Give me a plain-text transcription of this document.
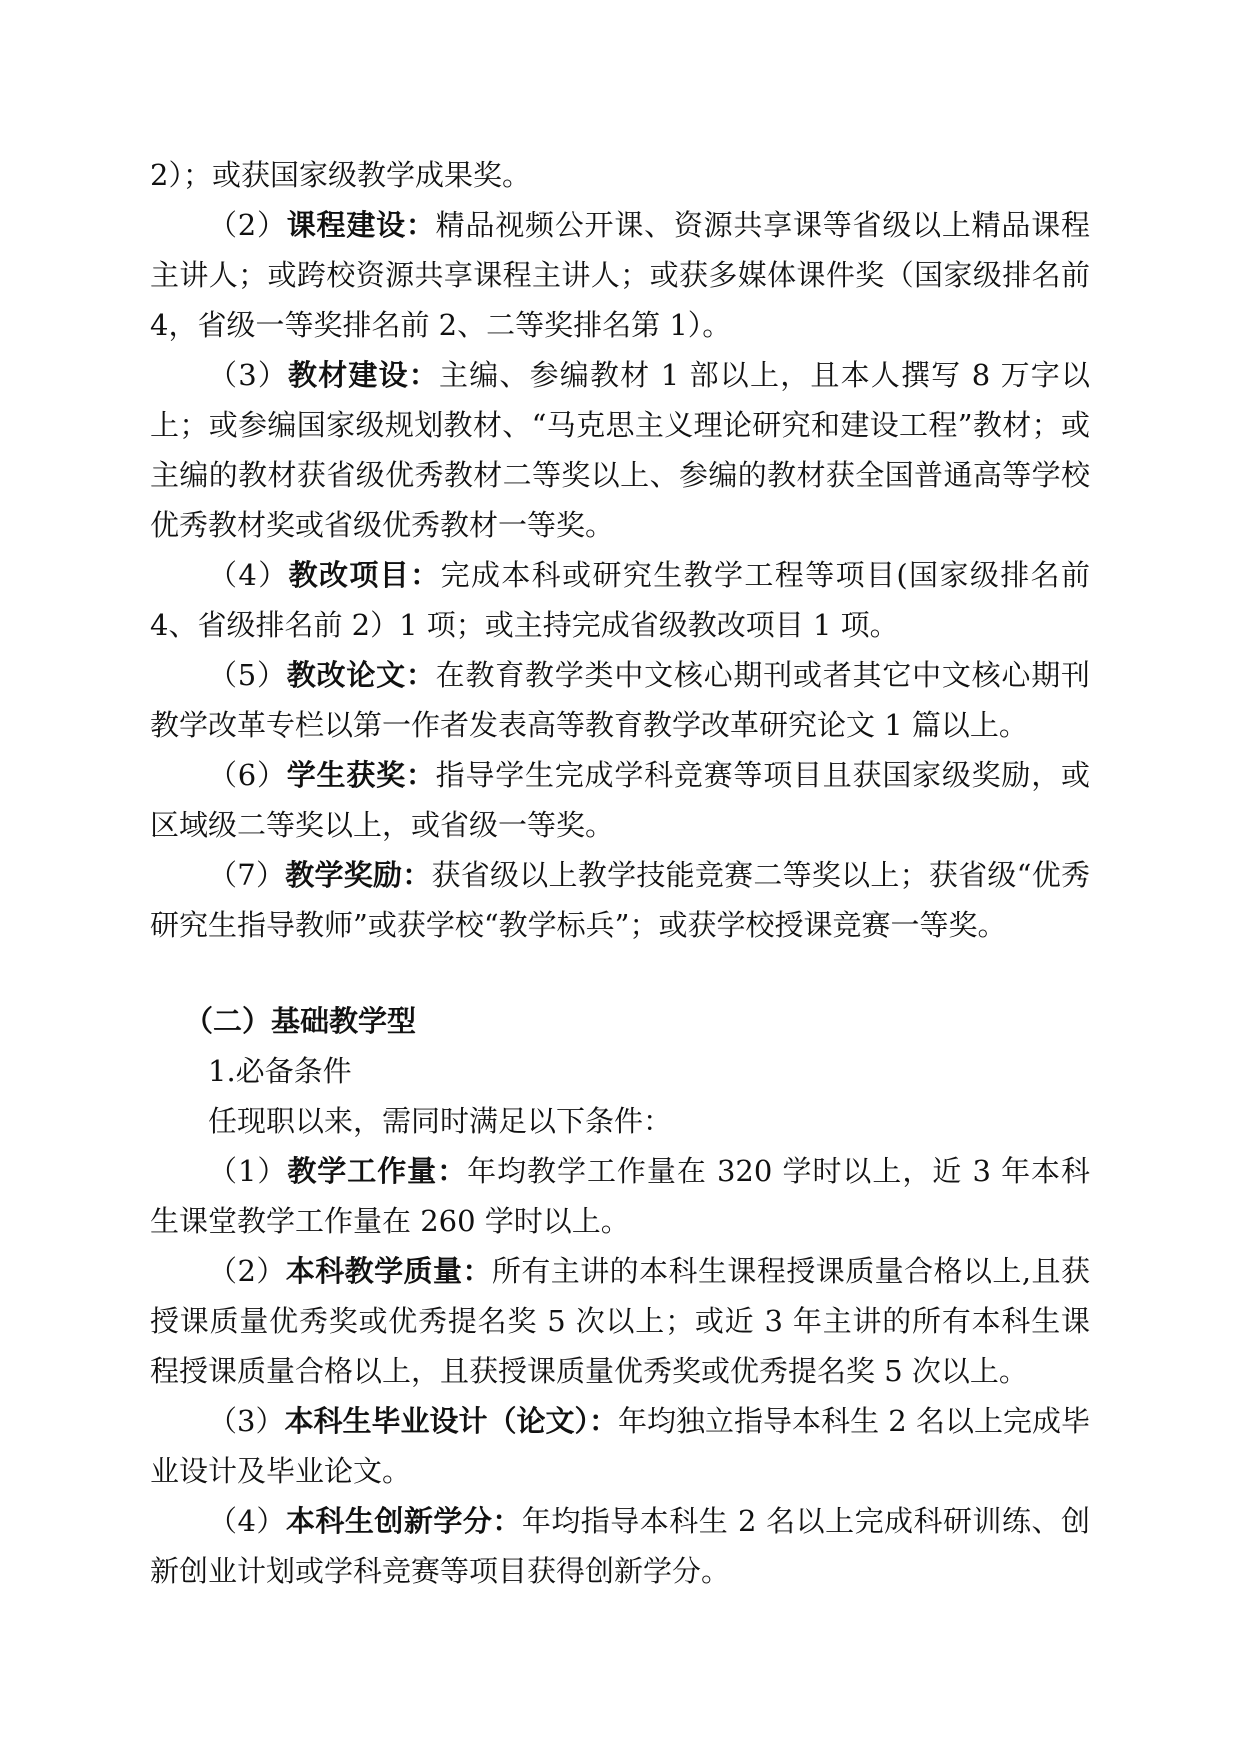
2）；或获国家级教学成果奖。

（2）课程建设：精品视频公开课、资源共享课等省级以上精品课程主讲人；或跨校资源共享课程主讲人；或获多媒体课件奖（国家级排名前 4，省级一等奖排名前 2、二等奖排名第 1）。

（3）教材建设：主编、参编教材 1 部以上，且本人撰写 8 万字以上；或参编国家级规划教材、“马克思主义理论研究和建设工程”教材；或主编的教材获省级优秀教材二等奖以上、参编的教材获全国普通高等学校优秀教材奖或省级优秀教材一等奖。

（4）教改项目：完成本科或研究生教学工程等项目(国家级排名前 4、省级排名前 2）1 项；或主持完成省级教改项目 1 项。

（5）教改论文：在教育教学类中文核心期刊或者其它中文核心期刊教学改革专栏以第一作者发表高等教育教学改革研究论文 1 篇以上。

（6）学生获奖：指导学生完成学科竞赛等项目且获国家级奖励，或区域级二等奖以上，或省级一等奖。

（7）教学奖励：获省级以上教学技能竞赛二等奖以上；获省级“优秀研究生指导教师”或获学校“教学标兵”；或获学校授课竞赛一等奖。

（二）基础教学型

1.必备条件

任现职以来，需同时满足以下条件：

（1）教学工作量：年均教学工作量在 320 学时以上，近 3 年本科生课堂教学工作量在 260 学时以上。

（2）本科教学质量：所有主讲的本科生课程授课质量合格以上,且获授课质量优秀奖或优秀提名奖 5 次以上；或近 3 年主讲的所有本科生课程授课质量合格以上，且获授课质量优秀奖或优秀提名奖 5 次以上。

（3）本科生毕业设计（论文）：年均独立指导本科生 2 名以上完成毕业设计及毕业论文。

（4）本科生创新学分：年均指导本科生 2 名以上完成科研训练、创新创业计划或学科竞赛等项目获得创新学分。
